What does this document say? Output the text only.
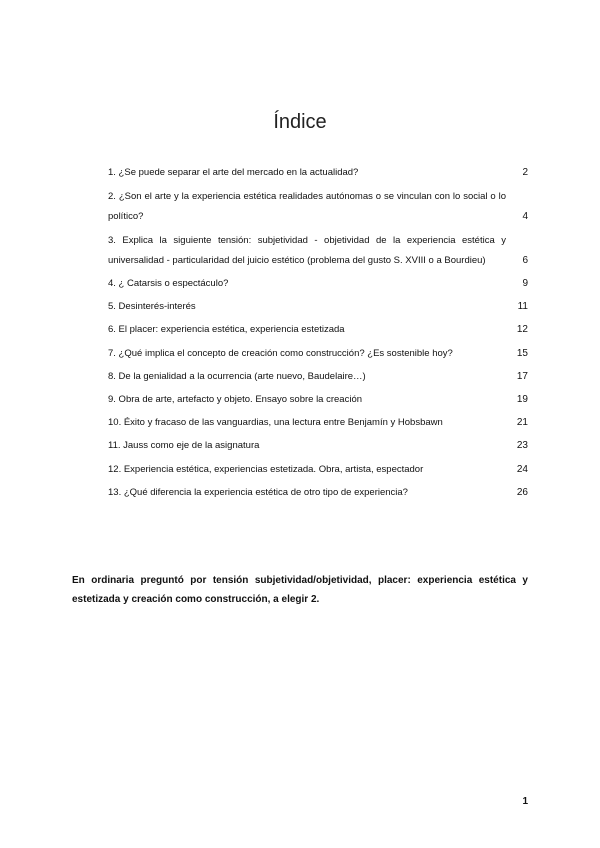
Índice
1. ¿Se puede separar el arte del mercado en la actualidad?	2
2. ¿Son el arte y la experiencia estética realidades autónomas o se vinculan con lo social o lo político?	4
3. Explica la siguiente tensión: subjetividad - objetividad de la experiencia estética y universalidad - particularidad del juicio estético (problema del gusto S. XVIII o a Bourdieu)	6
4. ¿ Catarsis o espectáculo?	9
5. Desinterés-interés	11
6. El placer: experiencia estética, experiencia estetizada	12
7. ¿Qué implica el concepto de creación como construcción? ¿Es sostenible hoy?	15
8. De la genialidad a la ocurrencia (arte nuevo, Baudelaire…)	17
9. Obra de arte, artefacto y objeto. Ensayo sobre la creación	19
10. Éxito y fracaso de las vanguardias, una lectura entre Benjamín y Hobsbawn	21
11. Jauss como eje de la asignatura	23
12. Experiencia estética, experiencias estetizada. Obra, artista, espectador	24
13. ¿Qué diferencia la experiencia estética de otro tipo de experiencia?	26
En ordinaria preguntó por tensión subjetividad/objetividad, placer: experiencia estética y estetizada y creación como construcción, a elegir 2.
1
